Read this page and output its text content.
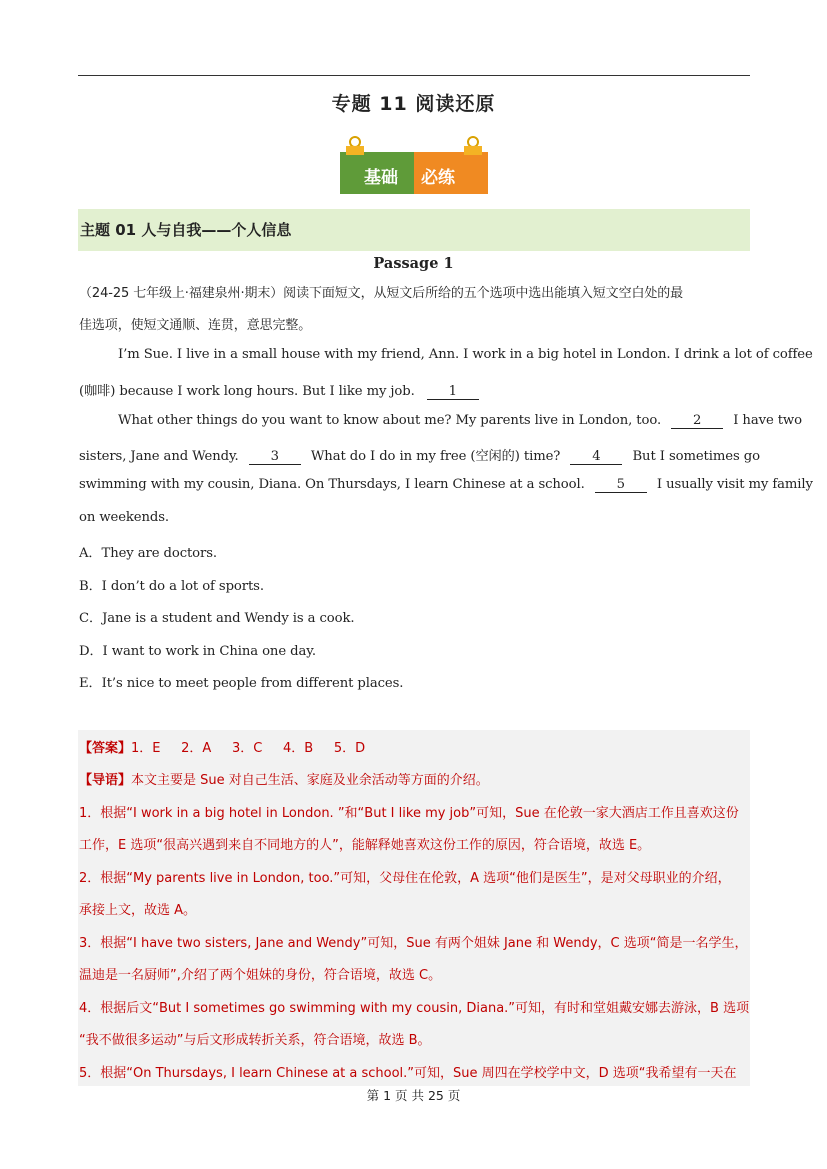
专题 11 阅读还原
基础 必练
主题 01 人与自我——个人信息
Passage 1
（24-25 七年级上·福建泉州·期末）阅读下面短文，从短文后所给的五个选项中选出能填入短文空白处的最
佳选项，使短文通顺、连贯，意思完整。
I’m Sue. I live in a small house with my friend, Ann. I work in a big hotel in London. I drink a lot of coffee
(咖啡) because I work long hours. But I like my job.	1
What other things do you want to know about me? My parents live in London, too. 2 I have two
sisters, Jane and Wendy. 3 What do I do in my free (空闲的) time? 4 But I sometimes go
swimming with my cousin, Diana. On Thursdays, I learn Chinese at a school. 5 I usually visit my family
on weekends.
A．They are doctors.
B．I don’t do a lot of sports.
C．Jane is a student and Wendy is a cook.
D．I want to work in China one day.
E．It’s nice to meet people from different places.
【答案】1．E     2．A     3．C     4．B     5．D
【导语】本文主要是 Sue 对自己生活、家庭及业余活动等方面的介绍。
1．根据“I work in a big hotel in London. ”和“But I like my job”可知，Sue 在伦敦一家大酒店工作且喜欢这份
工作，E 选项“很高兴遇到来自不同地方的人”，能解释她喜欢这份工作的原因，符合语境，故选 E。
2．根据“My parents live in London, too.”可知，父母住在伦敦，A 选项“他们是医生”，是对父母职业的介绍，
承接上文，故选 A。
3．根据“I have two sisters, Jane and Wendy”可知，Sue 有两个姐妹 Jane 和 Wendy，C 选项“简是一名学生，
温迪是一名厨师”,介绍了两个姐妹的身份，符合语境，故选 C。
4．根据后文“But I sometimes go swimming with my cousin, Diana.”可知，有时和堂姐戴安娜去游泳，B 选项
“我不做很多运动”与后文形成转折关系，符合语境，故选 B。
5．根据“On Thursdays, I learn Chinese at a school.”可知，Sue 周四在学校学中文，D 选项“我希望有一天在
第 1 页 共 25 页
